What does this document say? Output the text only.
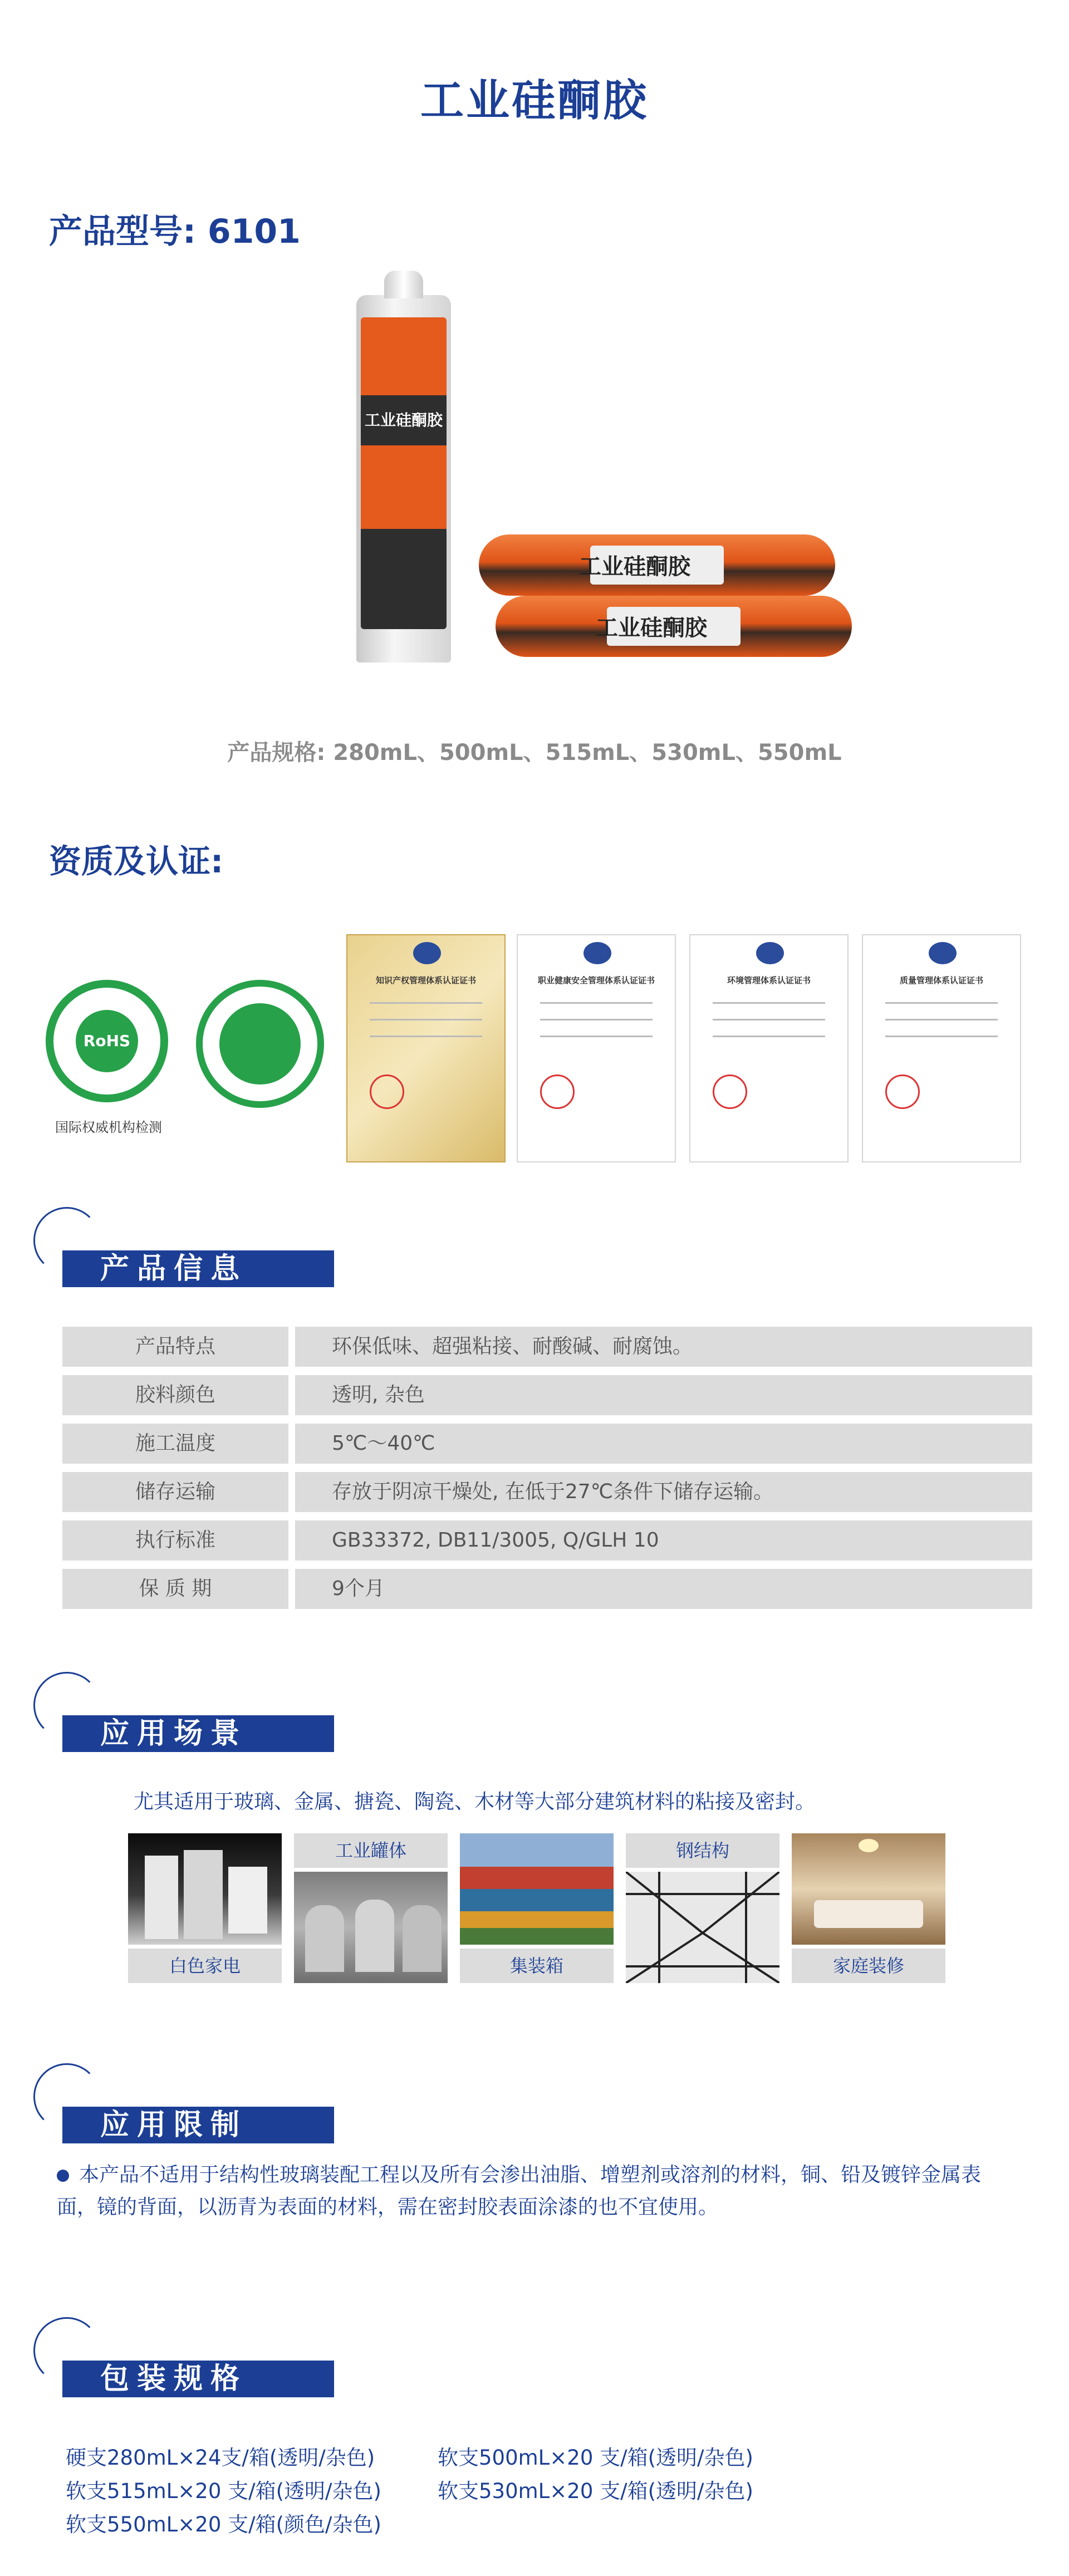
工业硅酮胶
产品型号: 6101
工业硅酮胶
工业硅酮胶
工业硅酮胶
产品规格: 280mL、500mL、515mL、530mL、550mL
资质及认证:
RoHS
国际权威机构检测
知识产权管理体系认证证书	职业健康安全管理体系认证证书	环境管理体系认证证书	质量管理体系认证证书
产品信息
产品特点	环保低味、超强粘接、耐酸碱、耐腐蚀。
胶料颜色	透明, 杂色
施工温度	5℃～40℃
储存运输	存放于阴凉干燥处, 在低于27℃条件下储存运输。
执行标准	GB33372, DB11/3005, Q/GLH 10
保 质 期	9个月
应用场景
尤其适用于玻璃、金属、搪瓷、陶瓷、木材等大部分建筑材料的粘接及密封。
白色家电
工业罐体
集装箱
钢结构
家庭装修
应用限制
本产品不适用于结构性玻璃装配工程以及所有会渗出油脂、增塑剂或溶剂的材料，铜、铅及镀锌金属表面，镜的背面，以沥青为表面的材料，需在密封胶表面涂漆的也不宜使用。
包装规格
硬支280mL×24支/箱(透明/杂色)	软支500mL×20 支/箱(透明/杂色)
软支515mL×20 支/箱(透明/杂色)	软支530mL×20 支/箱(透明/杂色)
软支550mL×20 支/箱(颜色/杂色)
